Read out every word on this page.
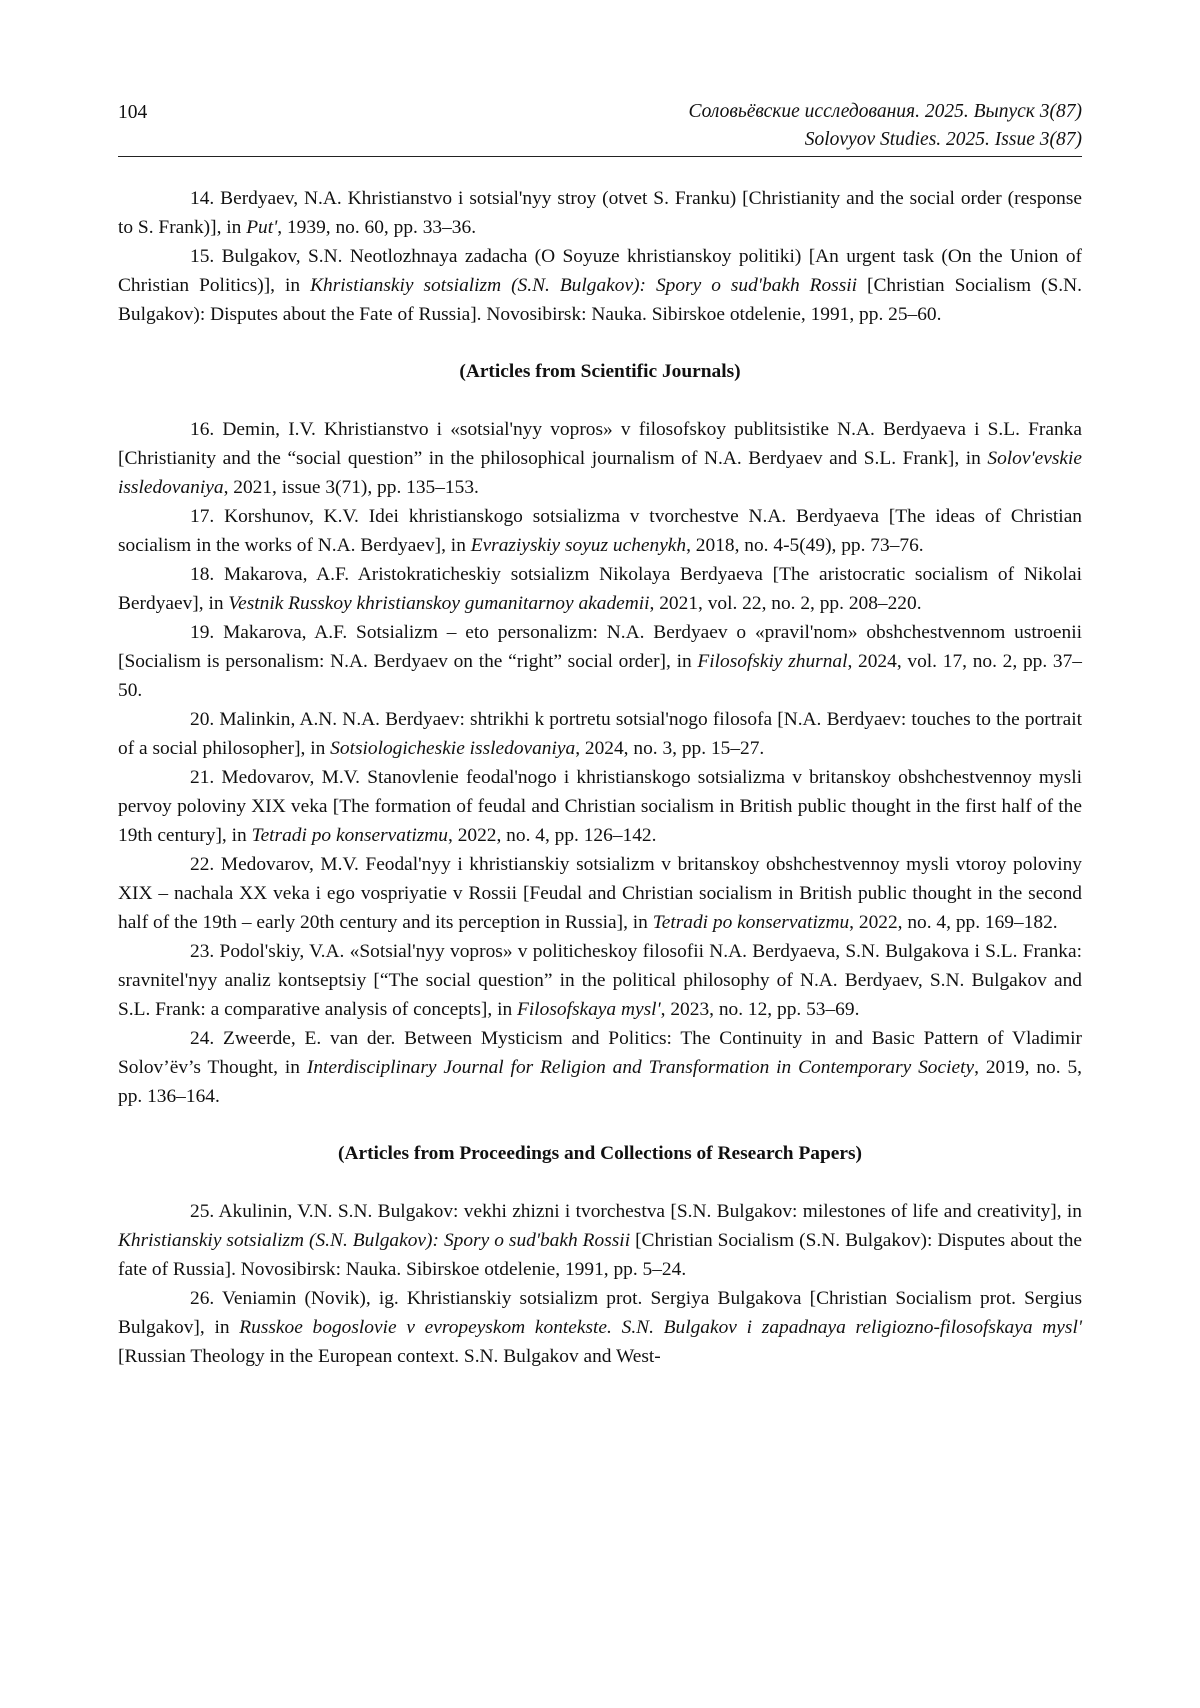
104	Соловьёвские исследования. 2025. Выпуск 3(87)
Solovyov Studies. 2025. Issue 3(87)

14. Berdyaev, N.A. Khristianstvo i sotsial'nyy stroy (otvet S. Franku) [Christianity and the social order (response to S. Frank)], in Put', 1939, no. 60, pp. 33–36.

15. Bulgakov, S.N. Neotlozhnaya zadacha (O Soyuze khristianskoy politiki) [An urgent task (On the Union of Christian Politics)], in Khristianskiy sotsializm (S.N. Bulgakov): Spory o sud'bakh Rossii [Christian Socialism (S.N. Bulgakov): Disputes about the Fate of Russia]. Novosibirsk: Nauka. Sibirskoe otdelenie, 1991, pp. 25–60.

(Articles from Scientific Journals)

16. Demin, I.V. Khristianstvo i «sotsial'nyy vopros» v filosofskoy publitsistike N.A. Berdyaeva i S.L. Franka [Christianity and the “social question” in the philosophical journalism of N.A. Berdyaev and S.L. Frank], in Solov'evskie issledovaniya, 2021, issue 3(71), pp. 135–153.

17. Korshunov, K.V. Idei khristianskogo sotsializma v tvorchestve N.A. Berdyaeva [The ideas of Christian socialism in the works of N.A. Berdyaev], in Evraziyskiy soyuz uchenykh, 2018, no. 4-5(49), pp. 73–76.

18. Makarova, A.F. Aristokraticheskiy sotsializm Nikolaya Berdyaeva [The aristocratic socialism of Nikolai Berdyaev], in Vestnik Russkoy khristianskoy gumanitarnoy akademii, 2021, vol. 22, no. 2, pp. 208–220.

19. Makarova, A.F. Sotsializm – eto personalizm: N.A. Berdyaev o «pravil'nom» obshchestvennom ustroenii [Socialism is personalism: N.A. Berdyaev on the “right” social order], in Filosofskiy zhurnal, 2024, vol. 17, no. 2, pp. 37–50.

20. Malinkin, A.N. N.A. Berdyaev: shtrikhi k portretu sotsial'nogo filosofa [N.A. Berdyaev: touches to the portrait of a social philosopher], in Sotsiologicheskie issledovaniya, 2024, no. 3, pp. 15–27.

21. Medovarov, M.V. Stanovlenie feodal'nogo i khristianskogo sotsializma v britanskoy obshchestvennoy mysli pervoy poloviny XIX veka [The formation of feudal and Christian socialism in British public thought in the first half of the 19th century], in Tetradi po konservatizmu, 2022, no. 4, pp. 126–142.

22. Medovarov, M.V. Feodal'nyy i khristianskiy sotsializm v britanskoy obshchestvennoy mysli vtoroy poloviny XIX – nachala XX veka i ego vospriyatie v Rossii [Feudal and Christian socialism in British public thought in the second half of the 19th – early 20th century and its perception in Russia], in Tetradi po konservatizmu, 2022, no. 4, pp. 169–182.

23. Podol'skiy, V.A. «Sotsial'nyy vopros» v politicheskoy filosofii N.A. Berdyaeva, S.N. Bulgakova i S.L. Franka: sravnitel'nyy analiz kontseptsiy [“The social question” in the political philosophy of N.A. Berdyaev, S.N. Bulgakov and S.L. Frank: a comparative analysis of concepts], in Filosofskaya mysl', 2023, no. 12, pp. 53–69.

24. Zweerde, E. van der. Between Mysticism and Politics: The Continuity in and Basic Pattern of Vladimir Solov’ëv’s Thought, in Interdisciplinary Journal for Religion and Transformation in Contemporary Society, 2019, no. 5, pp. 136–164.

(Articles from Proceedings and Collections of Research Papers)

25. Akulinin, V.N. S.N. Bulgakov: vekhi zhizni i tvorchestva [S.N. Bulgakov: milestones of life and creativity], in Khristianskiy sotsializm (S.N. Bulgakov): Spory o sud'bakh Rossii [Christian Socialism (S.N. Bulgakov): Disputes about the fate of Russia]. Novosibirsk: Nauka. Sibirskoe otdelenie, 1991, pp. 5–24.

26. Veniamin (Novik), ig. Khristianskiy sotsializm prot. Sergiya Bulgakova [Christian Socialism prot. Sergius Bulgakov], in Russkoe bogoslovie v evropeyskom kontekste. S.N. Bulgakov i zapadnaya religiozno-filosofskaya mysl' [Russian Theology in the European context. S.N. Bulgakov and West-
